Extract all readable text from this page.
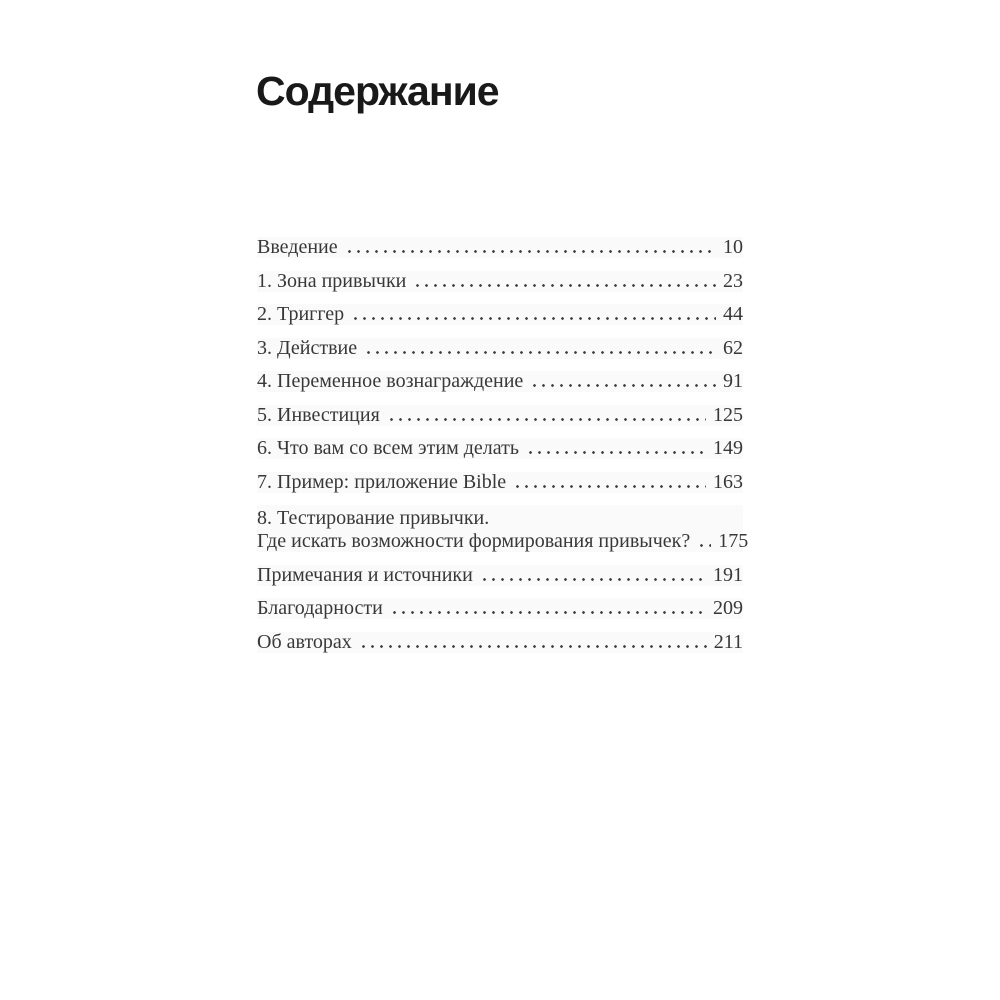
Содержание
Введение	10
1. Зона привычки	23
2. Триггер	44
3. Действие	62
4. Переменное вознаграждение	91
5. Инвестиция	125
6. Что вам со всем этим делать	149
7. Пример: приложение Bible	163
8. Тестирование привычки.
Где искать возможности формирования привычек? 175
Примечания и источники	191
Благодарности	209
Об авторах	211
